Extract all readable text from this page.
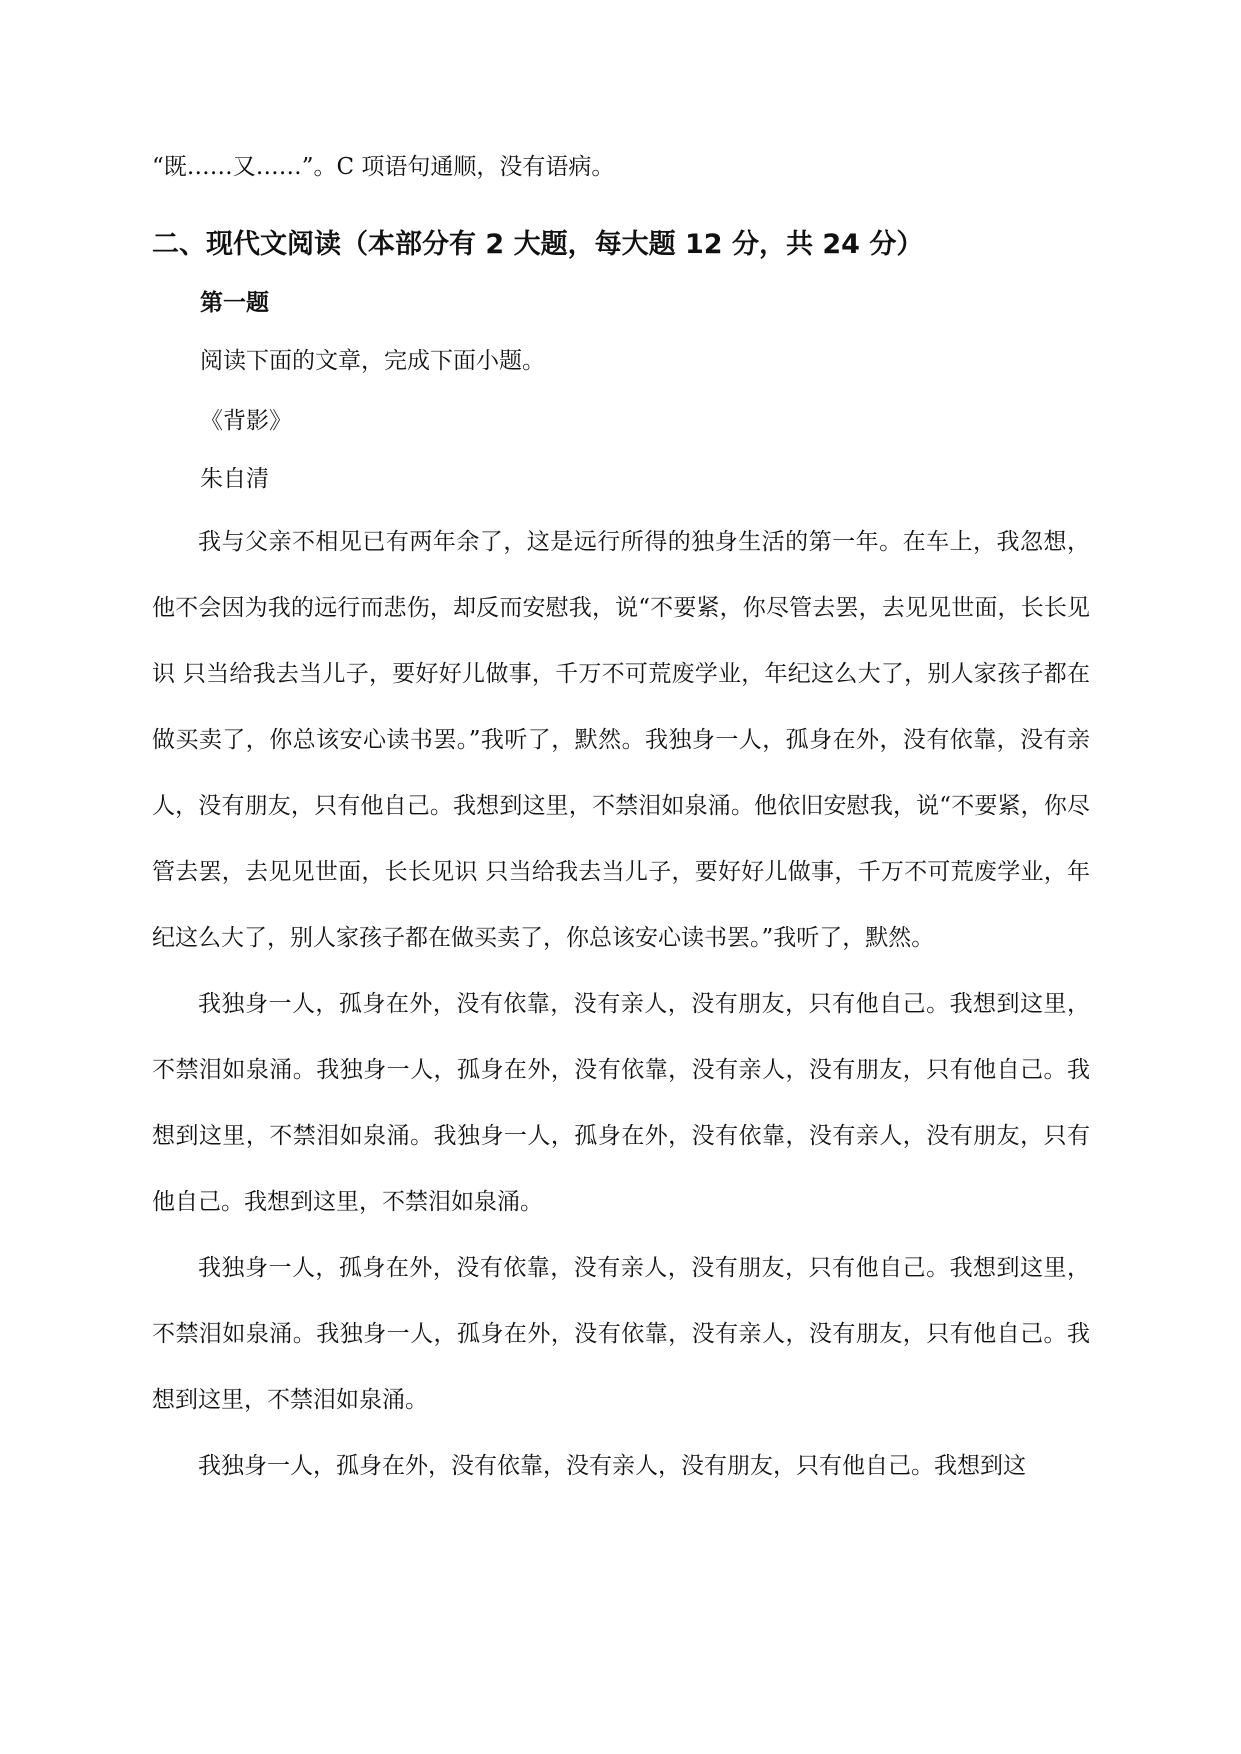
“既……又……”。C 项语句通顺，没有语病。
二、现代文阅读（本部分有 2 大题，每大题 12 分，共 24 分）
第一题
阅读下面的文章，完成下面小题。
《背影》
朱自清

我与父亲不相见已有两年余了，这是远行所得的独身生活的第一年。在车上，我忽想，他不会因为我的远行而悲伤，却反而安慰我，说“不要紧，你尽管去罢，去见见世面，长长见识 只当给我去当儿子，要好好儿做事，千万不可荒废学业，年纪这么大了，别人家孩子都在做买卖了，你总该安心读书罢。”我听了，默然。我独身一人，孤身在外，没有依靠，没有亲人，没有朋友，只有他自己。我想到这里，不禁泪如泉涌。他依旧安慰我，说“不要紧，你尽管去罢，去见见世面，长长见识 只当给我去当儿子，要好好儿做事，千万不可荒废学业，年纪这么大了，别人家孩子都在做买卖了，你总该安心读书罢。”我听了，默然。

我独身一人，孤身在外，没有依靠，没有亲人，没有朋友，只有他自己。我想到这里，不禁泪如泉涌。我独身一人，孤身在外，没有依靠，没有亲人，没有朋友，只有他自己。我想到这里，不禁泪如泉涌。我独身一人，孤身在外，没有依靠，没有亲人，没有朋友，只有他自己。我想到这里，不禁泪如泉涌。

我独身一人，孤身在外，没有依靠，没有亲人，没有朋友，只有他自己。我想到这里，不禁泪如泉涌。我独身一人，孤身在外，没有依靠，没有亲人，没有朋友，只有他自己。我想到这里，不禁泪如泉涌。

我独身一人，孤身在外，没有依靠，没有亲人，没有朋友，只有他自己。我想到这
